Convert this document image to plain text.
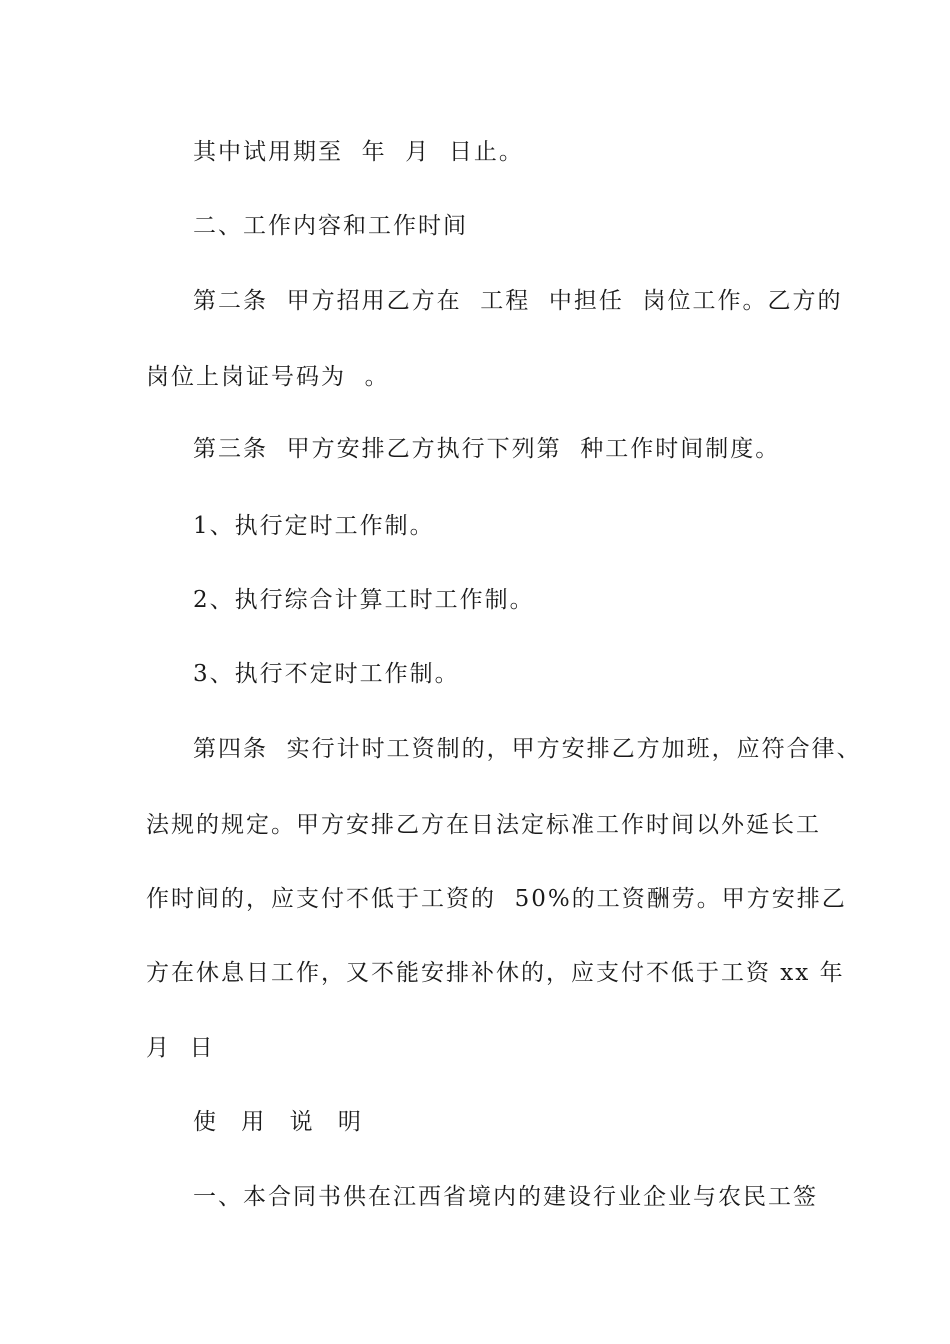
其中试用期至  年  月  日止。
二、工作内容和工作时间
第二条  甲方招用乙方在  工程  中担任  岗位工作。乙方的
岗位上岗证号码为  。
第三条  甲方安排乙方执行下列第  种工作时间制度。
1、执行定时工作制。
2、执行综合计算工时工作制。
3、执行不定时工作制。
第四条  实行计时工资制的，甲方安排乙方加班，应符合律、
法规的规定。甲方安排乙方在日法定标准工作时间以外延长工
作时间的，应支付不低于工资的  50%的工资酬劳。甲方安排乙
方在休息日工作，又不能安排补休的，应支付不低于工资 xx 年
月  日
使 用 说 明
一、本合同书供在江西省境内的建设行业企业与农民工签
